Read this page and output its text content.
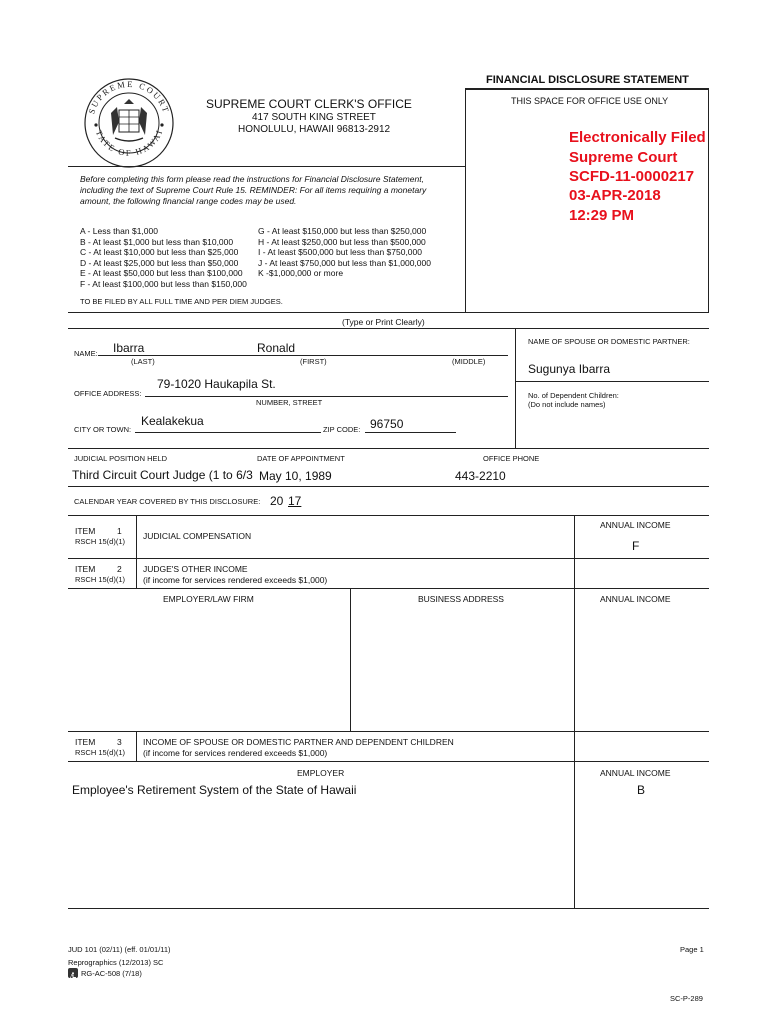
FINANCIAL DISCLOSURE STATEMENT
THIS SPACE FOR OFFICE USE ONLY
SUPREME COURT
TATE OF HAWAI
SUPREME COURT CLERK'S OFFICE
417 SOUTH KING STREET
HONOLULU, HAWAII 96813-2912	Electronically Filed
Supreme Court
SCFD-11-0000217
03-APR-2018
12:29 PM
Before completing this form please read the instructions for Financial Disclosure Statement,
including the text of Supreme Court Rule 15. REMINDER: For all items requiring a monetary
amount, the following financial range codes may be used.
A - Less than $1,000
B - At least $1,000 but less than $10,000
C - At least $10,000 but less than $25,000
D - At least $25,000 but less than $50,000
E - At least $50,000 but less than $100,000
F - At least $100,000 but less than $150,000
G - At least $150,000 but less than $250,000
H - At least $250,000 but less than $500,000
I - At least $500,000 but less than $750,000
J - At least $750,000 but less than $1,000,000
K -$1,000,000 or more
TO BE FILED BY ALL FULL TIME AND PER DIEM JUDGES.
(Type or Print Clearly)
NAME OF SPOUSE OR DOMESTIC PARTNER:
Sugunya Ibarra
No. of Dependent Children:
(Do not include names)
NAME: Ibarra	Ronald
(LAST)	(FIRST)	(MIDDLE)
OFFICE ADDRESS:
79-1020 Haukapila St.
NUMBER, STREET
CITY OR TOWN:
Kealakekua
ZIP CODE: 96750
JUDICIAL POSITION HELD	DATE OF APPOINTMENT	OFFICE PHONE
Third Circuit Court Judge (1 to 6/3 May 10, 1989	443-2210
CALENDAR YEAR COVERED BY THIS DISCLOSURE: 20 17
ITEM	1
RSCH 15(d)(1)
JUDICIAL COMPENSATION
ANNUAL INCOME
F
ITEM	2
RSCH 15(d)(1)
JUDGE'S OTHER INCOME
(if income for services rendered exceeds $1,000)
EMPLOYER/LAW FIRM	BUSINESS ADDRESS	ANNUAL INCOME
ITEM	3
RSCH 15(d)(1)
INCOME OF SPOUSE OR DOMESTIC PARTNER AND DEPENDENT CHILDREN
(if income for services rendered exceeds $1,000)
EMPLOYER	ANNUAL INCOME
Employee's Retirement System of the State of Hawaii	B
JUD 101 (02/11) (eff. 01/01/11)
Reprographics (12/2013) SC
RG-AC-508 (7/18)
Page 1
SC-P-289
